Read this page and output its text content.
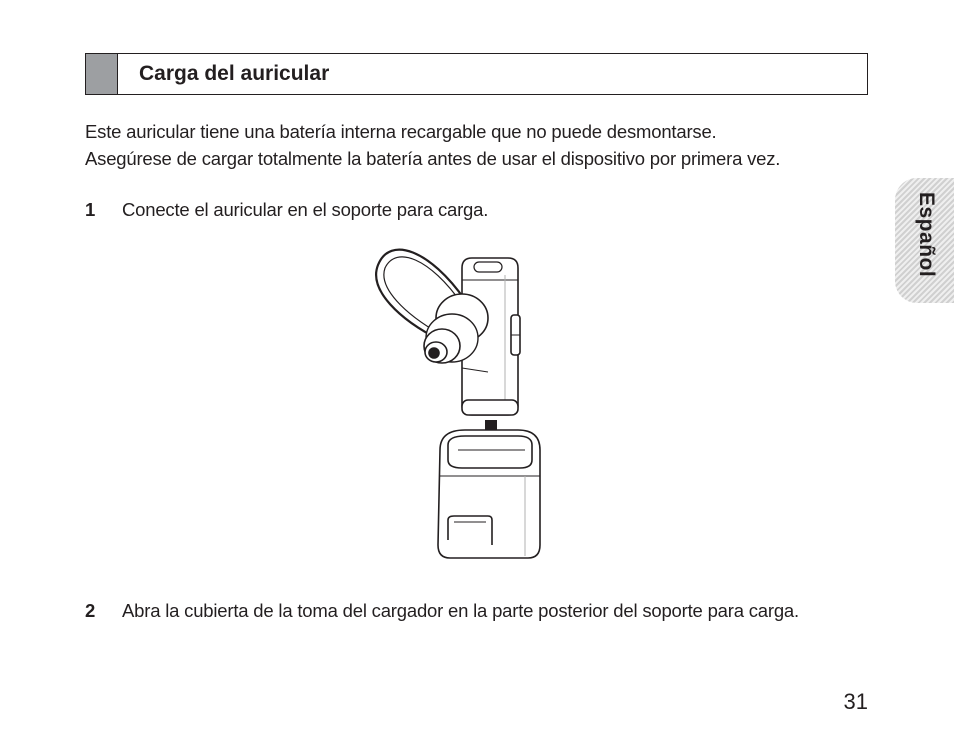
Carga del auricular

Este auricular tiene una batería interna recargable que no puede desmontarse.

Asegúrese de cargar totalmente la batería antes de usar el dispositivo por primera vez.

1 Conecte el auricular en el soporte para carga.
2 Abra la cubierta de la toma del cargador en la parte posterior del soporte para carga.
Español
31
